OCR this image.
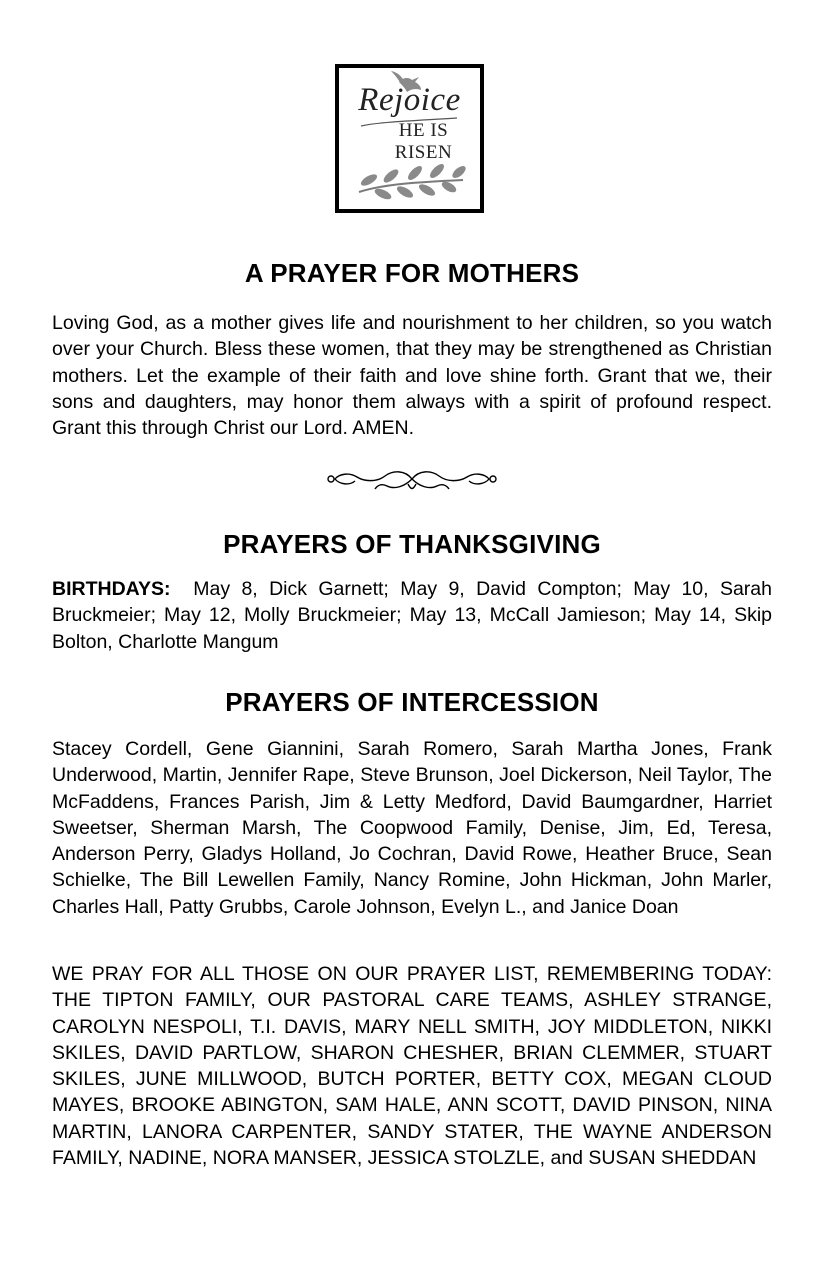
Rejoice
HE IS
RISEN
A PRAYER FOR MOTHERS

Loving God, as a mother gives life and nourishment to her children, so you watch over your Church. Bless these women, that they may be strengthened as Christian mothers. Let the example of their faith and love shine forth. Grant that we, their sons and daughters, may honor them always with a spirit of profound respect. Grant this through Christ our Lord. AMEN.

PRAYERS OF THANKSGIVING

BIRTHDAYS: May 8, Dick Garnett; May 9, David Compton; May 10, Sarah Bruckmeier; May 12, Molly Bruckmeier; May 13, McCall Jamieson; May 14, Skip Bolton, Charlotte Mangum

PRAYERS OF INTERCESSION

Stacey Cordell, Gene Giannini, Sarah Romero, Sarah Martha Jones, Frank Underwood, Martin, Jennifer Rape, Steve Brunson, Joel Dickerson, Neil Taylor, The McFaddens, Frances Parish, Jim & Letty Medford, David Baumgardner, Harriet Sweetser, Sherman Marsh, The Coopwood Family, Denise, Jim, Ed, Teresa, Anderson Perry, Gladys Holland, Jo Cochran, David Rowe, Heather Bruce, Sean Schielke, The Bill Lewellen Family, Nancy Romine, John Hickman, John Marler, Charles Hall, Patty Grubbs, Carole Johnson, Evelyn L., and Janice Doan

WE PRAY FOR ALL THOSE ON OUR PRAYER LIST, REMEMBERING TODAY: THE TIPTON FAMILY, OUR PASTORAL CARE TEAMS, ASHLEY STRANGE, CAROLYN NESPOLI, T.I. DAVIS, MARY NELL SMITH, JOY MIDDLETON, NIKKI SKILES, DAVID PARTLOW, SHARON CHESHER, BRIAN CLEMMER, STUART SKILES, JUNE MILLWOOD, BUTCH PORTER, BETTY COX, MEGAN CLOUD MAYES, BROOKE ABINGTON, SAM HALE, ANN SCOTT, DAVID PINSON, NINA MARTIN, LANORA CARPENTER, SANDY STATER, THE WAYNE ANDERSON FAMILY, NADINE, NORA MANSER, JESSICA STOLZLE, and SUSAN SHEDDAN
